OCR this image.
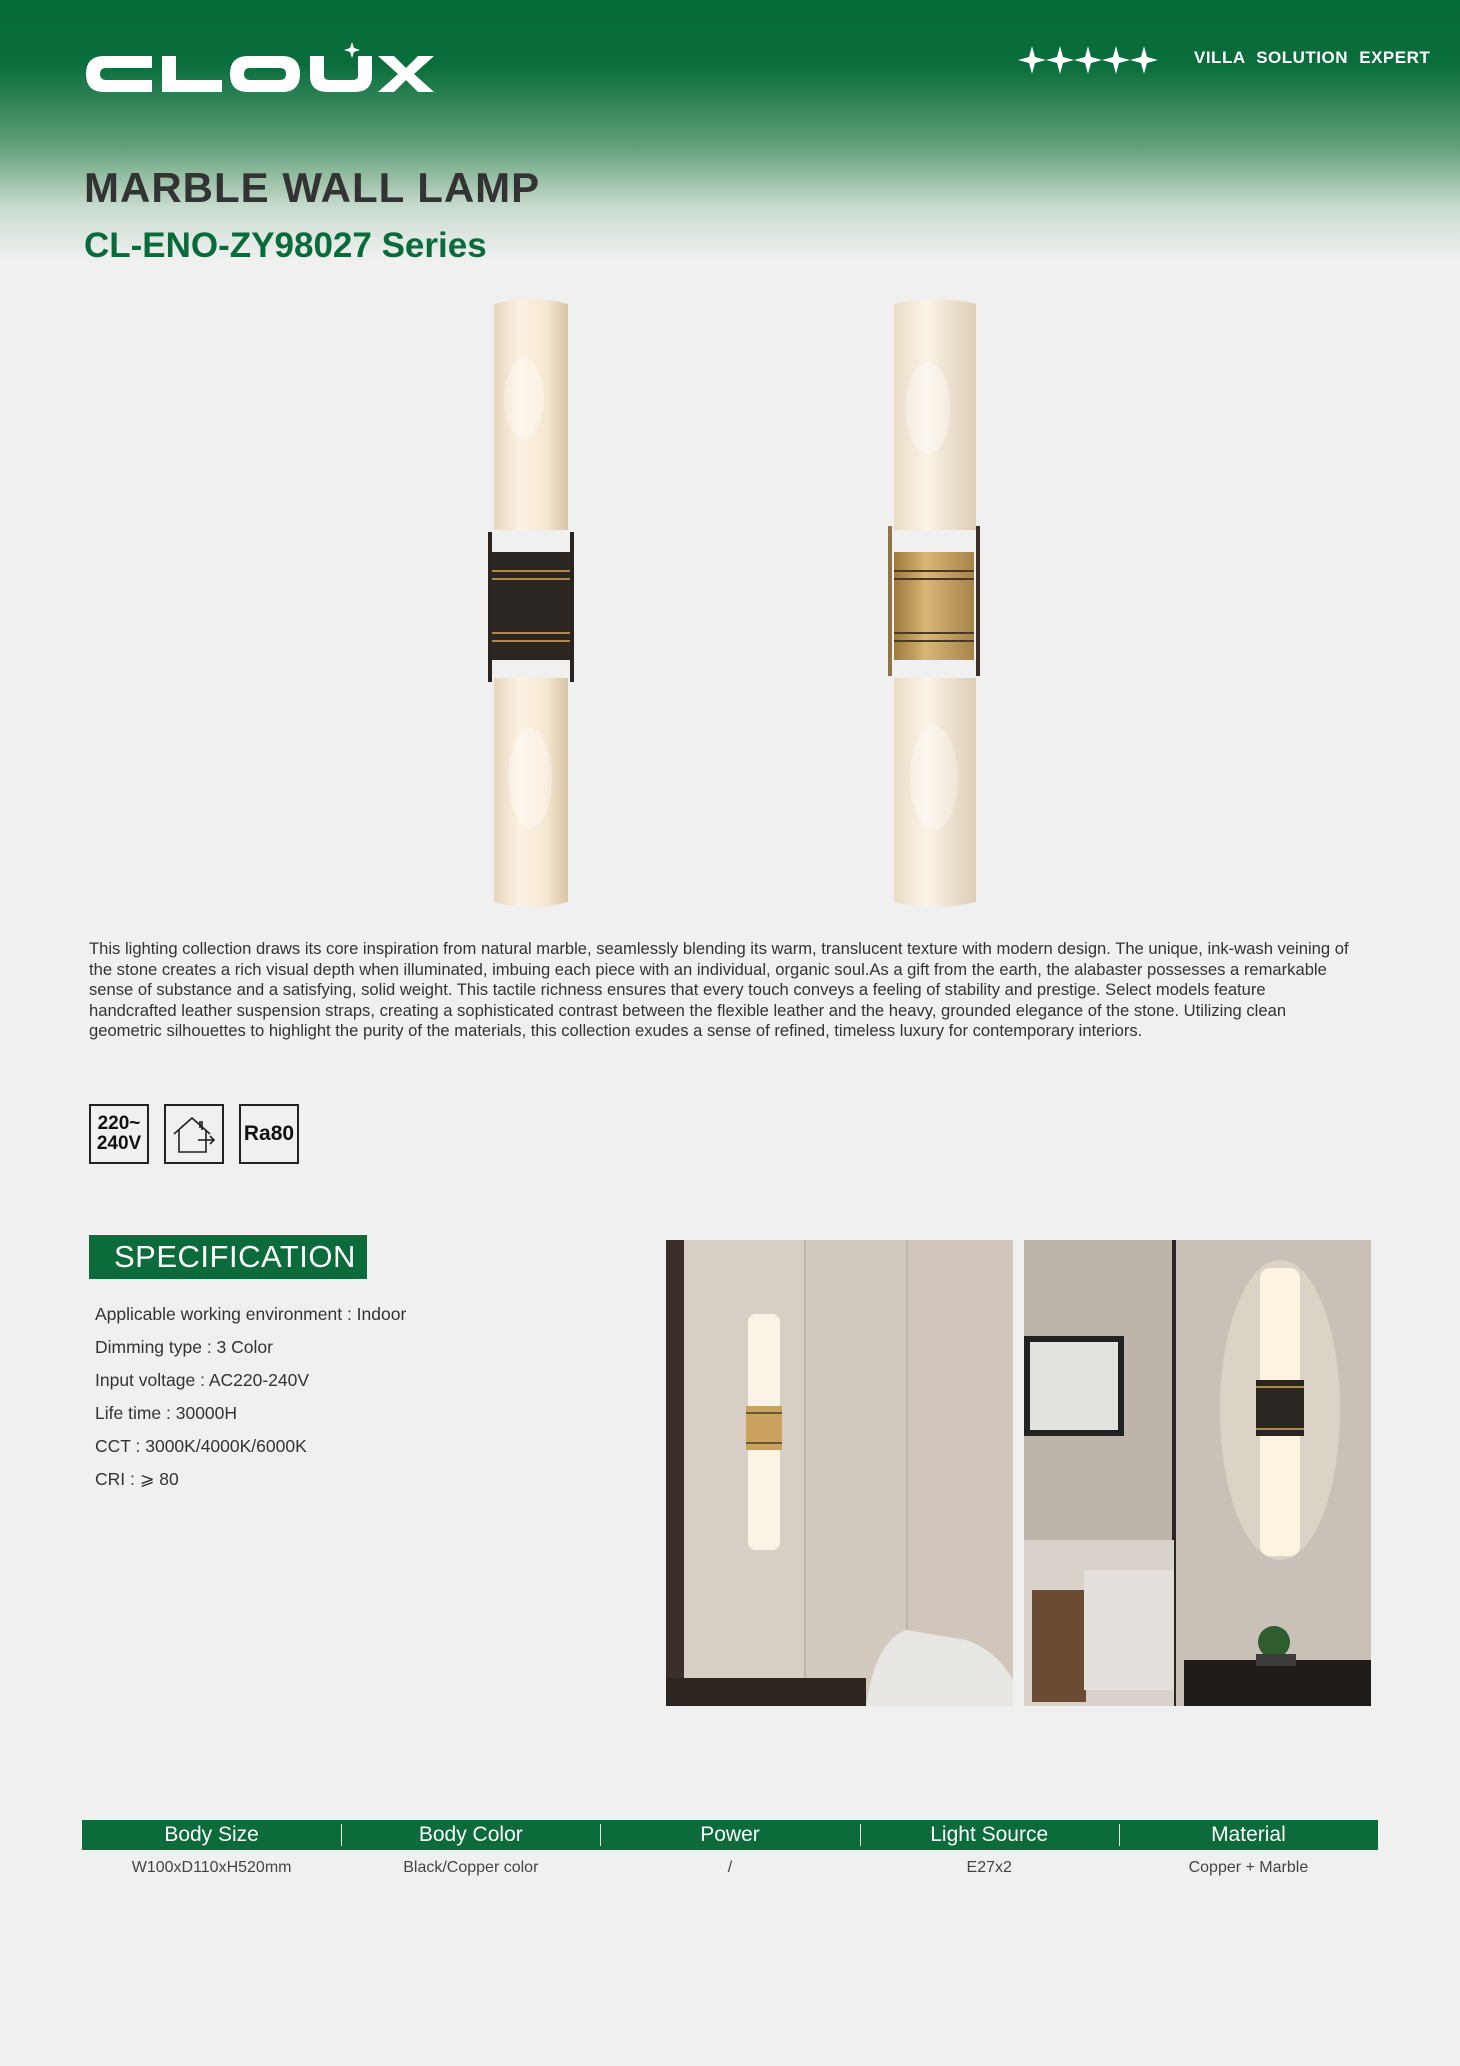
VILLA SOLUTION EXPERT
MARBLE WALL LAMP
CL-ENO-ZY98027 Series

This lighting collection draws its core inspiration from natural marble, seamlessly blending its warm, translucent texture with modern design. The unique, ink-wash veining of the stone creates a rich visual depth when illuminated, imbuing each piece with an individual, organic soul.As a gift from the earth, the alabaster possesses a remarkable sense of substance and a satisfying, solid weight. This tactile richness ensures that every touch conveys a feeling of stability and prestige. Select models feature handcrafted leather suspension straps, creating a sophisticated contrast between the flexible leather and the heavy, grounded elegance of the stone. Utilizing clean geometric silhouettes to highlight the purity of the materials, this collection exudes a sense of refined, timeless luxury for contemporary interiors.

220~
240V	Ra80
SPECIFICATION
Applicable working environment : Indoor
Dimming type : 3 Color
Input voltage : AC220-240V
Life time : 30000H
CCT : 3000K/4000K/6000K
CRI : ⩾ 80
Body Size	Body Color	Power	Light Source	Material
W100xD110xH520mm	Black/Copper color	/	E27x2	Copper + Marble
